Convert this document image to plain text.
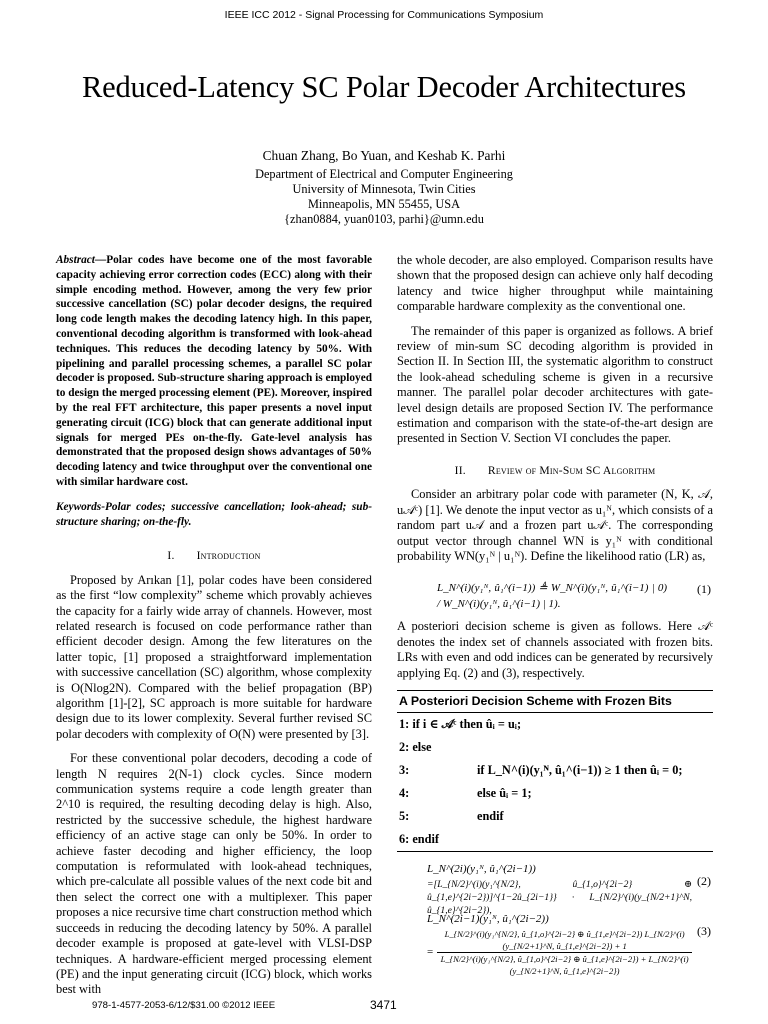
IEEE ICC 2012 - Signal Processing for Communications Symposium
Reduced-Latency SC Polar Decoder Architectures
Chuan Zhang, Bo Yuan, and Keshab K. Parhi
Department of Electrical and Computer Engineering
University of Minnesota, Twin Cities
Minneapolis, MN 55455, USA
{zhan0884, yuan0103, parhi}@umn.edu

Abstract—Polar codes have become one of the most favorable capacity achieving error correction codes (ECC) along with their simple encoding method. However, among the very few prior successive cancellation (SC) polar decoder designs, the required long code length makes the decoding latency high. In this paper, conventional decoding algorithm is transformed with look-ahead techniques. This reduces the decoding latency by 50%. With pipelining and parallel processing schemes, a parallel SC polar decoder is proposed. Sub-structure sharing approach is employed to design the merged processing element (PE). Moreover, inspired by the real FFT architecture, this paper presents a novel input generating circuit (ICG) block that can generate additional input signals for merged PEs on-the-fly. Gate-level analysis has demonstrated that the proposed design shows advantages of 50% decoding latency and twice throughput over the conventional one with similar hardware cost.

Keywords-Polar codes; successive cancellation; look-ahead; sub-structure sharing; on-the-fly.

I. Introduction

Proposed by Arıkan [1], polar codes have been considered as the first “low complexity” scheme which provably achieves the capacity for a fairly wide array of channels. However, most related research is focused on code performance rather than efficient decoder design. Among the few literatures on the latter topic, [1] proposed a straightforward implementation with successive cancellation (SC) algorithm, whose complexity is O(Nlog2N). Compared with the belief propagation (BP) algorithm [1]-[2], SC approach is more suitable for hardware design due to its lower complexity. Several further revised SC polar decoders with complexity of O(N) were presented by [3].

For these conventional polar decoders, decoding a code of length N requires 2(N-1) clock cycles. Since modern communication systems require a code length greater than 2^10 is required, the resulting decoding delay is high. Also, restricted by the successive schedule, the highest hardware efficiency of an active stage can only be 50%. In order to achieve faster decoding and higher efficiency, the loop computation is reformulated with look-ahead techniques, which pre-calculate all possible values of the next code bit and then select the correct one with a multiplexer. This paper proposes a nice recursive time chart construction method which succeeds in reducing the decoding latency by 50%. A parallel decoder example is proposed at gate-level with VLSI-DSP techniques. A hardware-efficient merged processing element (PE) and the input generating circuit (ICG) block, which works best with

the whole decoder, are also employed. Comparison results have shown that the proposed design can achieve only half decoding latency and twice higher throughput while maintaining comparable hardware complexity as the conventional one.

The remainder of this paper is organized as follows. A brief review of min-sum SC decoding algorithm is provided in Section II. In Section III, the systematic algorithm to construct the look-ahead scheduling scheme is given in a recursive manner. The parallel polar decoder architectures with gate-level design details are proposed Section IV. The performance estimation and comparison with the state-of-the-art design are presented in Section V. Section VI concludes the paper.

II. Review of Min-Sum SC Algorithm

Consider an arbitrary polar code with parameter (N, K, 𝒜, u𝒜ᶜ) [1]. We denote the input vector as u₁ᴺ, which consists of a random part u𝒜 and a frozen part u𝒜ᶜ. The corresponding output vector through channel WN is y₁ᴺ with conditional probability WN(y₁ᴺ | u₁ᴺ). Define the likelihood ratio (LR) as,

L_N^(i)(y₁ᴺ, û₁^(i−1)) ≜ W_N^(i)(y₁ᴺ, û₁^(i−1) | 0) / W_N^(i)(y₁ᴺ, û₁^(i−1) | 1).
(1)

A posteriori decision scheme is given as follows. Here 𝒜ᶜ denotes the index set of channels associated with frozen bits. LRs with even and odd indices can be generated by recursively applying Eq. (2) and (3), respectively.

A Posteriori Decision Scheme with Frozen Bits
1: if i ∈ 𝒜ᶜ then ûᵢ = uᵢ;
2: else
3:	if L_N^(i)(y₁ᴺ, û₁^(i−1)) ≥ 1 then ûᵢ = 0;
4:	else ûᵢ = 1;
5:	endif
6: endif
L_N^(2i)(y₁ᴺ, û₁^(2i−1))
=[L_{N/2}^(i)(y₁^{N/2}, û_{1,o}^{2i−2} ⊕ û_{1,e}^{2i−2})]^{1−2û_{2i−1}} · L_{N/2}^(i)(y_{N/2+1}^N, û_{1,e}^{2i−2}),
(2)
L_N^(2i−1)(y₁ᴺ, û₁^(2i−2))
=
L_{N/2}^(i)(y₁^{N/2}, û_{1,o}^{2i−2} ⊕ û_{1,e}^{2i−2}) L_{N/2}^(i)(y_{N/2+1}^N, û_{1,e}^{2i−2}) + 1
L_{N/2}^(i)(y₁^{N/2}, û_{1,o}^{2i−2} ⊕ û_{1,e}^{2i−2}) + L_{N/2}^(i)(y_{N/2+1}^N, û_{1,e}^{2i−2})
(3)
978-1-4577-2053-6/12/$31.00 ©2012 IEEE	3471
